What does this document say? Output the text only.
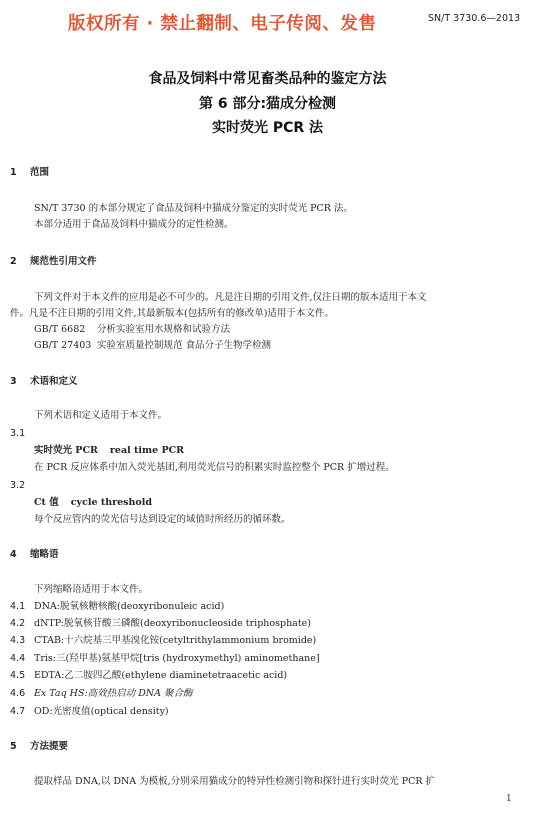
SN/T 3730.6—2013
版权所有 · 禁止翻制、电子传阅、发售
食品及饲料中常见畜类品种的鉴定方法
第 6 部分:猫成分检测
实时荧光 PCR 法
1 范围
SN/T 3730 的本部分规定了食品及饲料中猫成分鉴定的实时荧光 PCR 法。
本部分适用于食品及饲料中猫成分的定性检测。
2 规范性引用文件
下列文件对于本文件的应用是必不可少的。凡是注日期的引用文件,仅注日期的版本适用于本文
件。凡是不注日期的引用文件,其最新版本(包括所有的修改单)适用于本文件。
GB/T 6682 分析实验室用水规格和试验方法
GB/T 27403 实验室质量控制规范 食品分子生物学检测
3 术语和定义
下列术语和定义适用于本文件。
3.1
实时荧光 PCR real time PCR
在 PCR 反应体系中加入荧光基团,利用荧光信号的积累实时监控整个 PCR 扩增过程。
3.2
Ct 值 cycle threshold
每个反应管内的荧光信号达到设定的域值时所经历的循环数。
4 缩略语
下列缩略语适用于本文件。
4.1 DNA:脱氧核糖核酸(deoxyribonuleic acid)
4.2 dNTP:脱氧核苷酸三磷酸(deoxyribonucleoside triphosphate)
4.3 CTAB:十六烷基三甲基溴化铵(cetyltrithylammonium bromide)
4.4 Tris:三(羟甲基)氨基甲烷[tris (hydroxymethyl) aminomethane]
4.5 EDTA:乙二胺四乙酸(ethylene diaminetetraacetic acid)
4.6 Ex Taq HS:高效热启动 DNA 聚合酶
4.7 OD:光密度值(optical density)
5 方法提要
提取样品 DNA,以 DNA 为模板,分别采用猫成分的特异性检测引物和探针进行实时荧光 PCR 扩
1
